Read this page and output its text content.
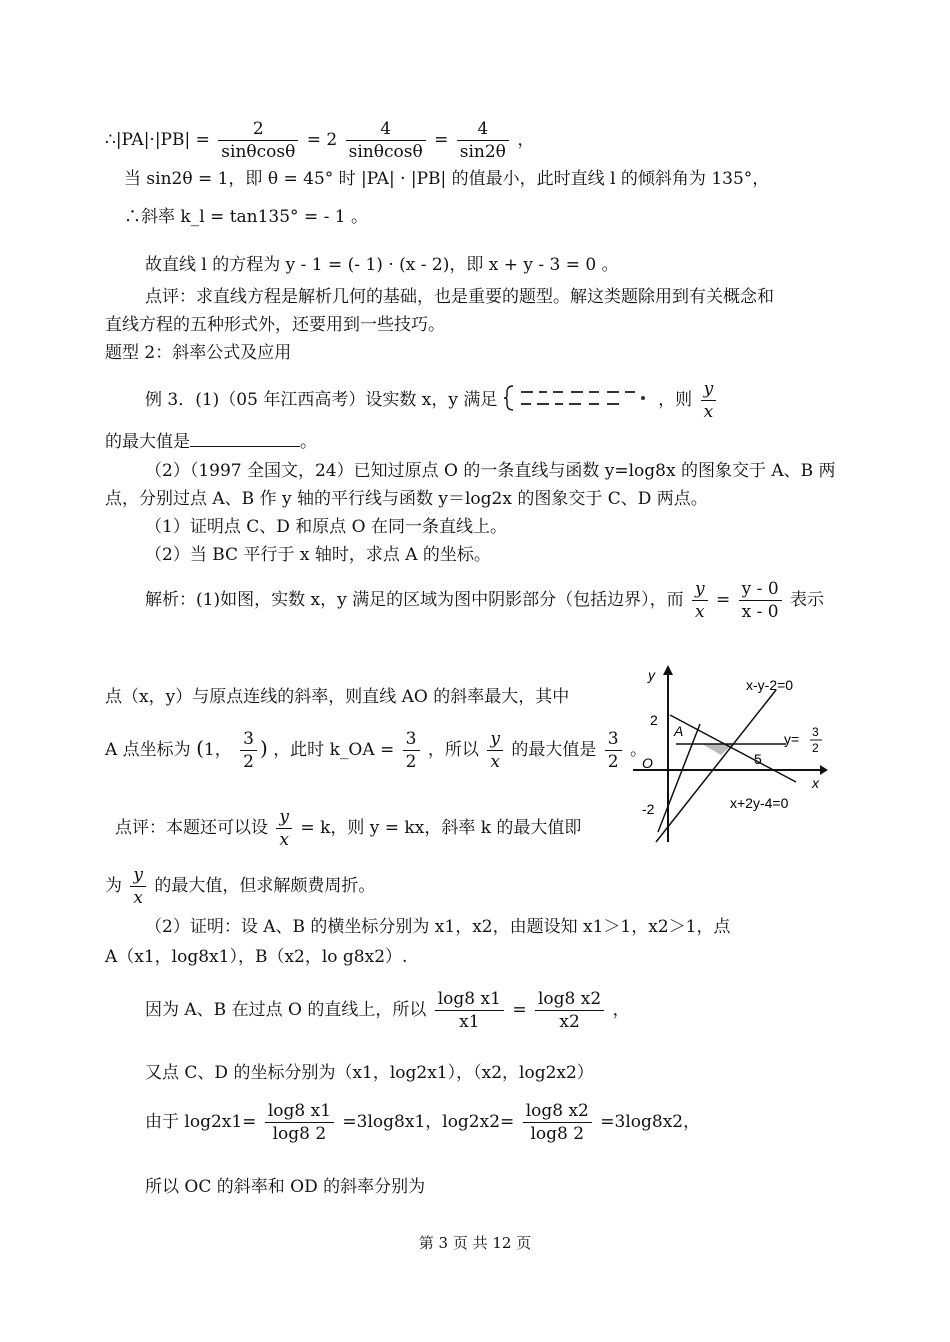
∴|PA|·|PB| = $\frac{2}{\sin\theta\cos\theta} = 2 \frac{4}{\sin\theta\cos\theta} = \frac{4}{\sin 2\theta}$ ，
当 sin2θ = 1，即 θ = 45° 时 |PA| · |PB| 的值最小，此时直线 l 的倾斜角为 135°，
∴斜率 k_l = tan135° = - 1 。
故直线 l 的方程为 y - 1 = (- 1) · (x - 2)，即 x + y - 3 = 0 。
点评：求直线方程是解析几何的基础，也是重要的题型。解这类题除用到有关概念和
直线方程的五种形式外，还要用到一些技巧。
题型 2：斜率公式及应用
例 3．(1)（05 年江西高考）设实数 x，y 满足	，则 $\frac{y}{x}$
的最大值是	。
（2）（1997 全国文，24）已知过原点 O 的一条直线与函数 y=log8x 的图象交于 A、B 两
点，分别过点 A、B 作 y 轴的平行线与函数 y＝log2x 的图象交于 C、D 两点。
（1）证明点 C、D 和原点 O 在同一条直线上。
（2）当 BC 平行于 x 轴时，求点 A 的坐标。
解析：(1)如图，实数 x，y 满足的区域为图中阴影部分（包括边界），而 $\frac{y}{x} = \frac{y - 0}{x - 0}$ 表示
点（x，y）与原点连线的斜率，则直线 AO 的斜率最大，其中
A 点坐标为 (1， $\frac{3}{2}$ ) ，此时 k_OA = $\frac{3}{2}$ ，所以 $\frac{y}{x}$ 的最大值是 $\frac{3}{2}$ 。
点评：本题还可以设 $\frac{y}{x} = k$，则 y = kx，斜率 k 的最大值即
为 $\frac{y}{x}$ 的最大值，但求解颇费周折。
（2）证明：设 A、B 的横坐标分别为 x1，x2，由题设知 x1＞1，x2＞1，点
A（x1，log8x1），B（x2，lo g8x2）.
因为 A、B 在过点 O 的直线上，所以 $\frac{\log 8 x1}{x1} = \frac{\log 8 x2}{x2}$ ，
又点 C、D 的坐标分别为（x1，log2x1），（x2，log2x2）
由于 $\log 2x1= \frac{\log 8 x1}{\log 8 2} =3\log 8x1$，$\log 2x2= \frac{\log 8 x2}{\log 8 2} =3\log 8x2$，
所以 OC 的斜率和 OD 的斜率分别为
y
x
O
A
2
-2
5
x-y-2=0
y= 3
2
x+2y-4=0
第 3 页 共 12 页
